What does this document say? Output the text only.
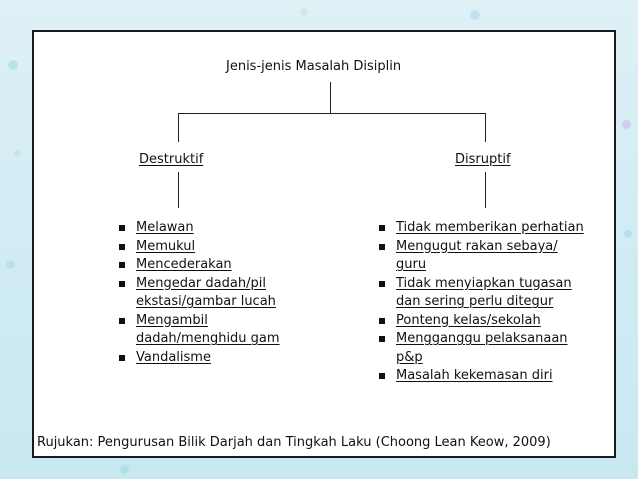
Jenis-jenis Masalah Disiplin
Destruktif	Disruptif
Melawan
Memukul
Mencederakan
Mengedar dadah/pil
ekstasi/gambar lucah
Mengambil
dadah/menghidu gam
Vandalisme
Tidak memberikan perhatian
Mengugut rakan sebaya/
guru
Tidak menyiapkan tugasan
dan sering perlu ditegur
Ponteng kelas/sekolah
Mengganggu pelaksanaan
p&p
Masalah kekemasan diri
Rujukan: Pengurusan Bilik Darjah dan Tingkah Laku (Choong Lean Keow, 2009)
